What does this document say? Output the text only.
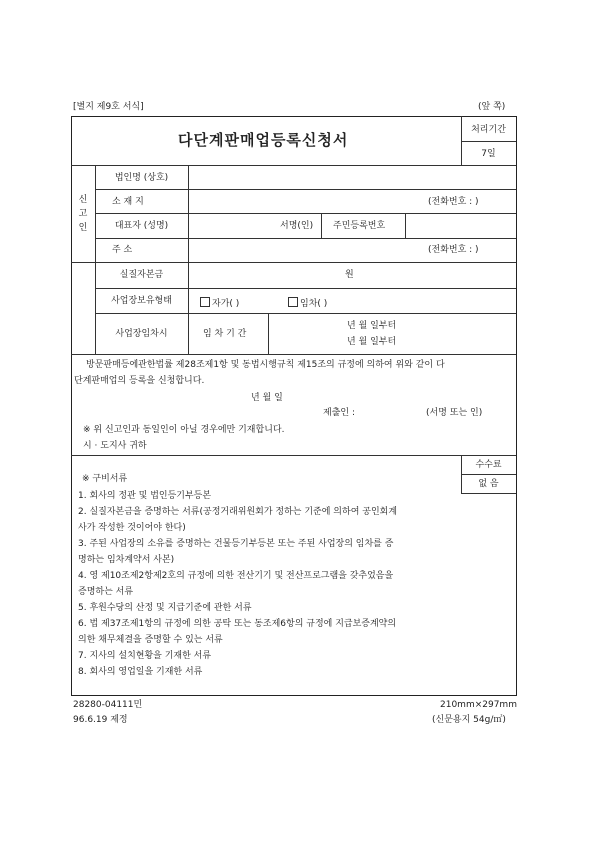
[별지 제9호 서식]	(앞 쪽)
다단계판매업등록신청서
처리기간
7일
신
고
인
법인명 (상호)
소 재 지	(전화번호 : )
대표자 (성명)	서명(인) 주민등록번호
주 소	(전화번호 : )
실질자본금	원
사업장보유형태	자가( )	임차( )
사업장임차시	임 차 기 간
년 월 일부터
년 월 일부터
방문판매등에관한법률 제28조제1항 및 동법시행규칙 제15조의 규정에 의하여 위와 같이 다
단계판매업의 등록을 신청합니다.
년 월 일
제출인 :	(서명 또는 인)
※ 위 신고인과 동일인이 아닐 경우에만 기재합니다.
시 · 도지사 귀하
수수료
없 음
※ 구비서류
1. 회사의 정관 및 법인등기부등본
2. 실질자본금을 증명하는 서류(공정거래위원회가 정하는 기준에 의하여 공인회계
사가 작성한 것이어야 한다)
3. 주된 사업장의 소유를 증명하는 건물등기부등본 또는 주된 사업장의 임차를 증
명하는 임차계약서 사본)
4. 영 제10조제2항제2호의 규정에 의한 전산기기 및 전산프로그램을 갖추었음을
증명하는 서류
5. 후원수당의 산정 및 지급기준에 관한 서류
6. 법 제37조제1항의 규정에 의한 공탁 또는 동조제6항의 규정에 지급보증계약의
의한 채무체결을 증명할 수 있는 서류
7. 지사의 설치현황을 기재한 서류
8. 회사의 영업일을 기재한 서류
28280-04111민	210mm×297mm
96.6.19 제정	(신문용지 54g/㎡)
